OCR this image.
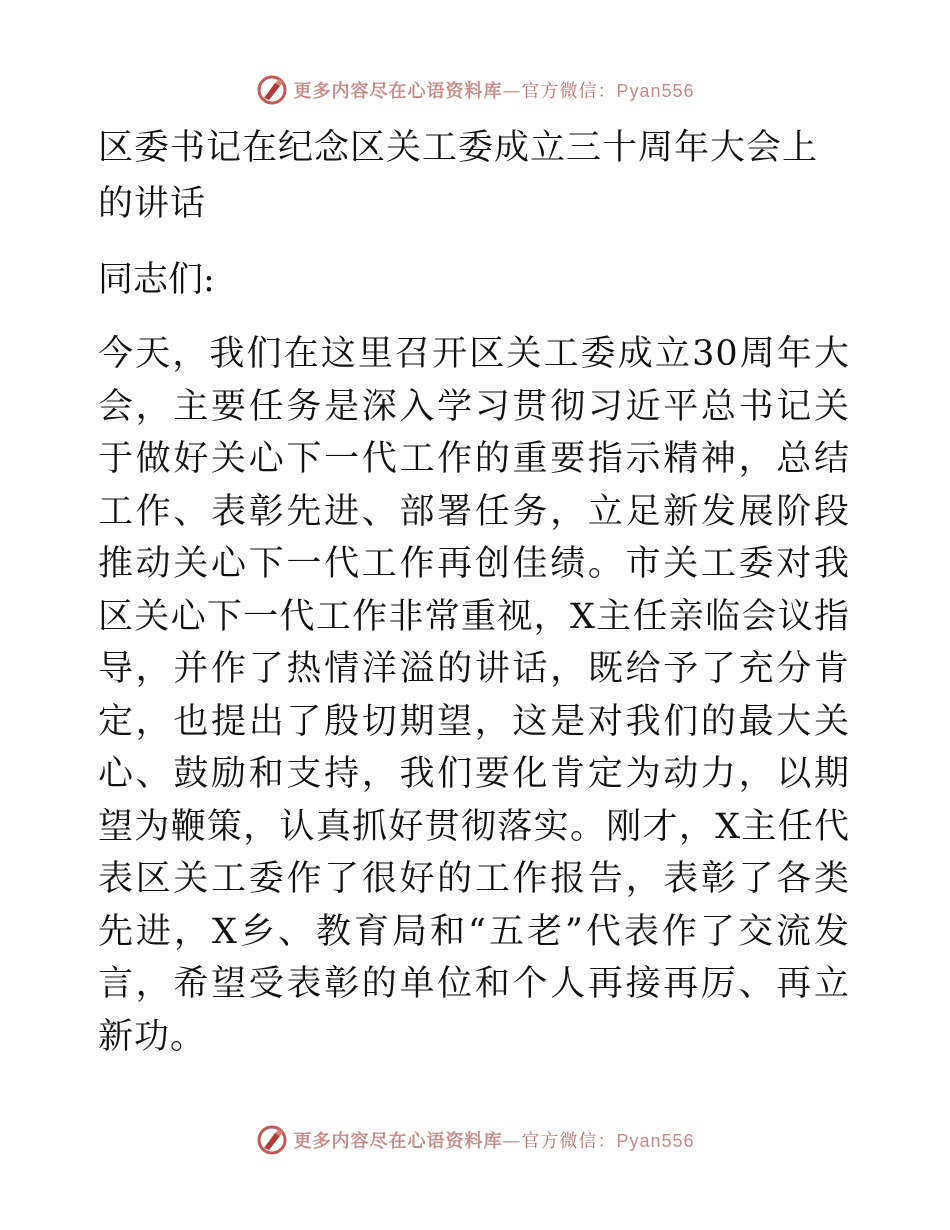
更多内容尽在心语资料库—官方微信：Pyan556
区委书记在纪念区关工委成立三十周年大会上的讲话

同志们:

今天，我们在这里召开区关工委成立30周年大会，主要任务是深入学习贯彻习近平总书记关于做好关心下一代工作的重要指示精神，总结工作、表彰先进、部署任务，立足新发展阶段推动关心下一代工作再创佳绩。市关工委对我区关心下一代工作非常重视，X主任亲临会议指导，并作了热情洋溢的讲话，既给予了充分肯定，也提出了殷切期望，这是对我们的最大关心、鼓励和支持，我们要化肯定为动力，以期望为鞭策，认真抓好贯彻落实。刚才，X主任代表区关工委作了很好的工作报告，表彰了各类先进，X乡、教育局和“五老”代表作了交流发言，希望受表彰的单位和个人再接再厉、再立新功。

更多内容尽在心语资料库—官方微信：Pyan556
